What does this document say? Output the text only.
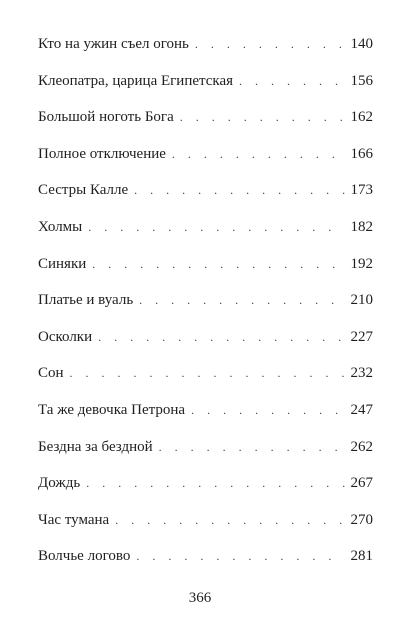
Кто на ужин съел огонь . . .	140
Клеопатра, царица Египетская . . .	156
Большой ноготь Бога . . .	162
Полное отключение . . .	166
Сестры Калле . . .	173
Холмы . . .	182
Синяки . . .	192
Платье и вуаль . . .	210
Осколки . . .	227
Сон . . .	232
Та же девочка Петрона . . .	247
Бездна за бездной . . .	262
Дождь . . .	267
Час тумана . . .	270
Волчье логово . . .	281
366
